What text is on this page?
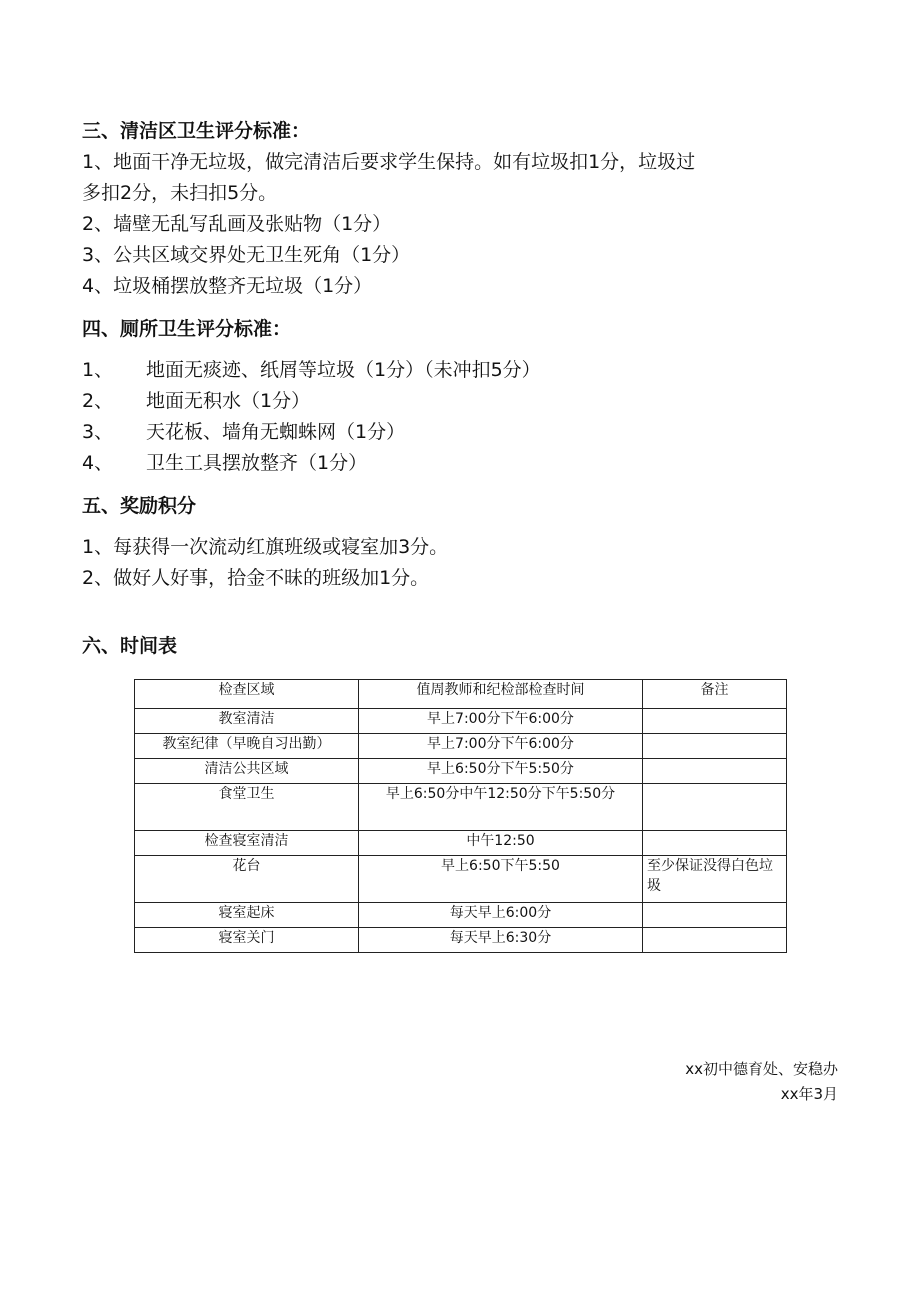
三、清洁区卫生评分标准：
1、地面干净无垃圾，做完清洁后要求学生保持。如有垃圾扣1分，垃圾过
多扣2分，未扫扣5分。
2、墙壁无乱写乱画及张贴物（1分）
3、公共区域交界处无卫生死角（1分）
4、垃圾桶摆放整齐无垃圾（1分）
四、厕所卫生评分标准：
1、 地面无痰迹、纸屑等垃圾（1分）（未冲扣5分）
2、 地面无积水（1分）
3、 天花板、墙角无蜘蛛网（1分）
4、 卫生工具摆放整齐（1分）
五、奖励积分
1、每获得一次流动红旗班级或寝室加3分。
2、做好人好事，拾金不昧的班级加1分。
六、时间表
检查区域	值周教师和纪检部检查时间	备注
教室清洁	早上7:00分下午6:00分	
教室纪律（早晚自习出勤）	早上7:00分下午6:00分	
清洁公共区域	早上6:50分下午5:50分	
食堂卫生	早上6:50分中午12:50分下午5:50分	
检查寝室清洁	中午12:50	
花台	早上6:50下午5:50	至少保证没得白色垃圾
寝室起床	每天早上6:00分	
寝室关门	每天早上6:30分	
xx初中德育处、安稳办
xx年3月
